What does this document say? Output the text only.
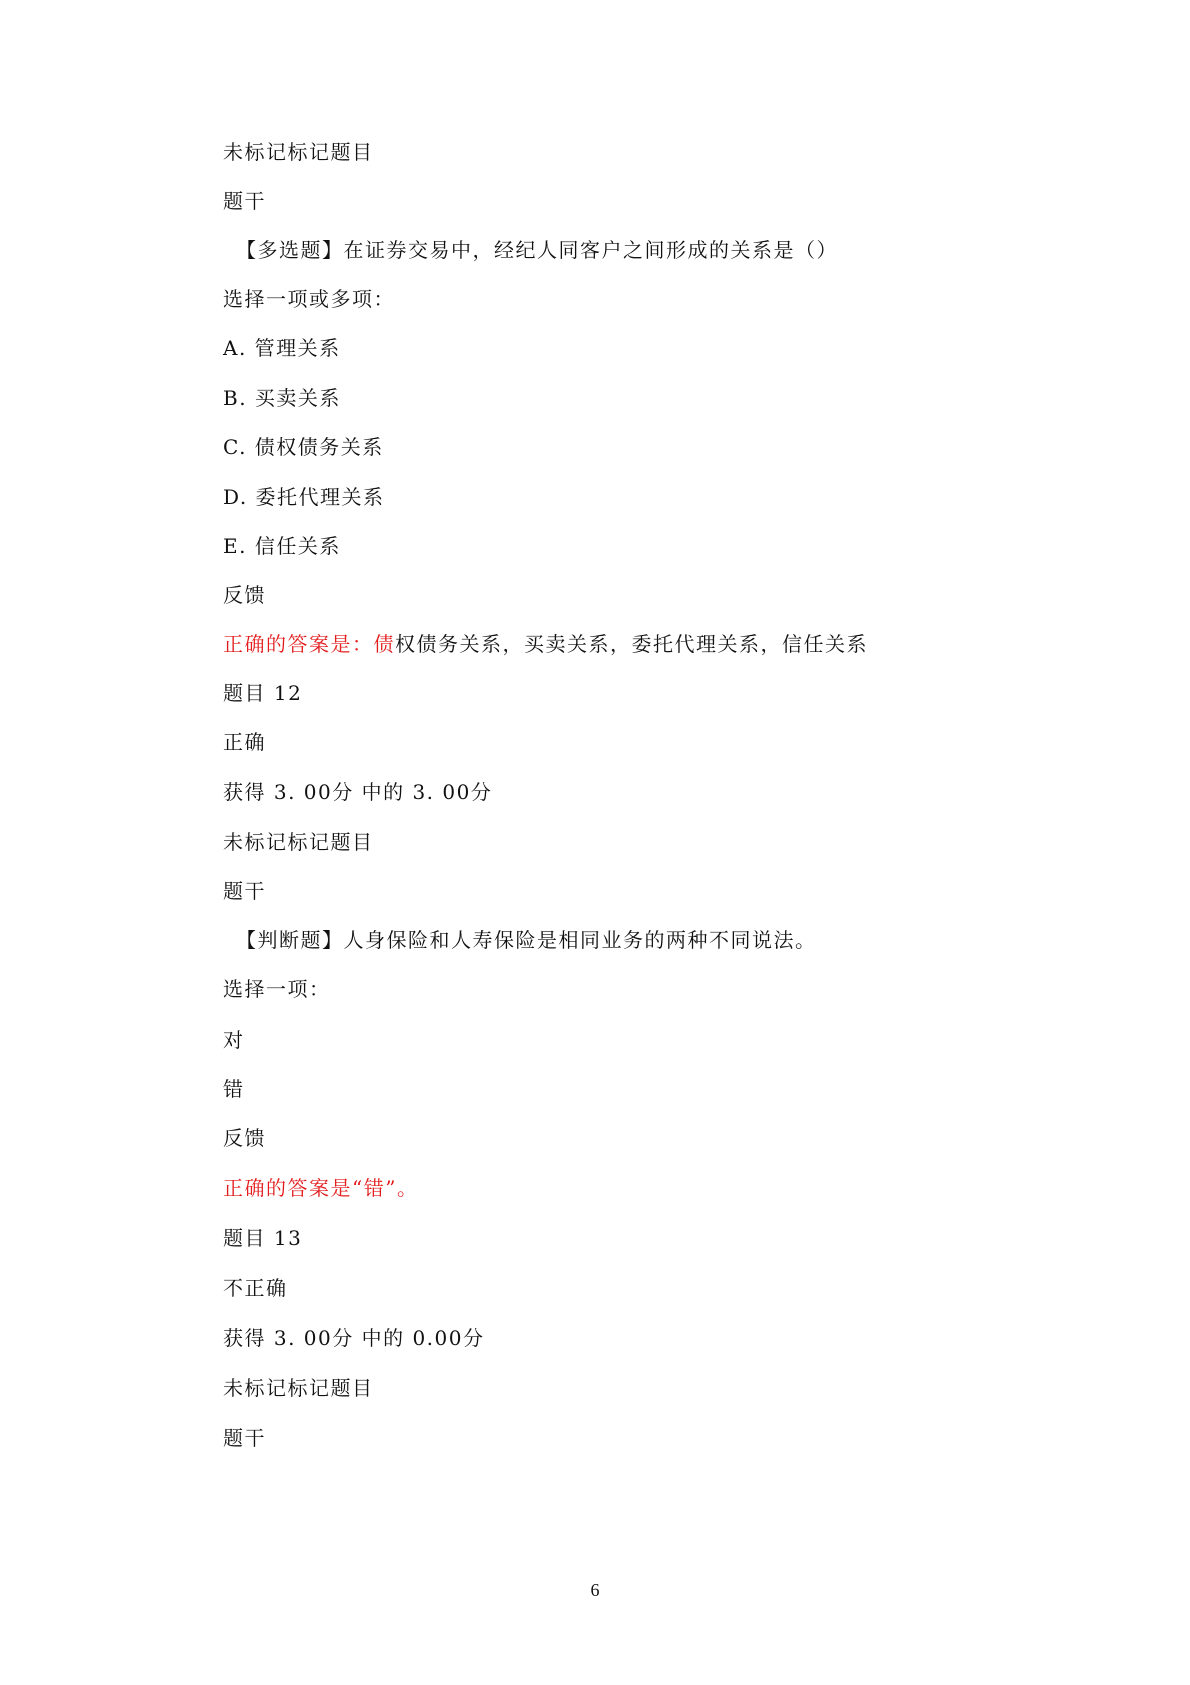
未标记标记题目
题干
【多选题】在证券交易中，经纪人同客户之间形成的关系是（）
选择一项或多项：
A. 管理关系
B. 买卖关系
C. 债权债务关系
D. 委托代理关系
E. 信任关系
反馈
正确的答案是：债权债务关系，买卖关系，委托代理关系，信任关系
题目 12
正确
获得 3. 00分 中的 3. 00分
未标记标记题目
题干
【判断题】人身保险和人寿保险是相同业务的两种不同说法。
选择一项：
对
错
反馈
正确的答案是“错”。
题目 13
不正确
获得 3. 00分 中的 0.00分
未标记标记题目
题干
6
